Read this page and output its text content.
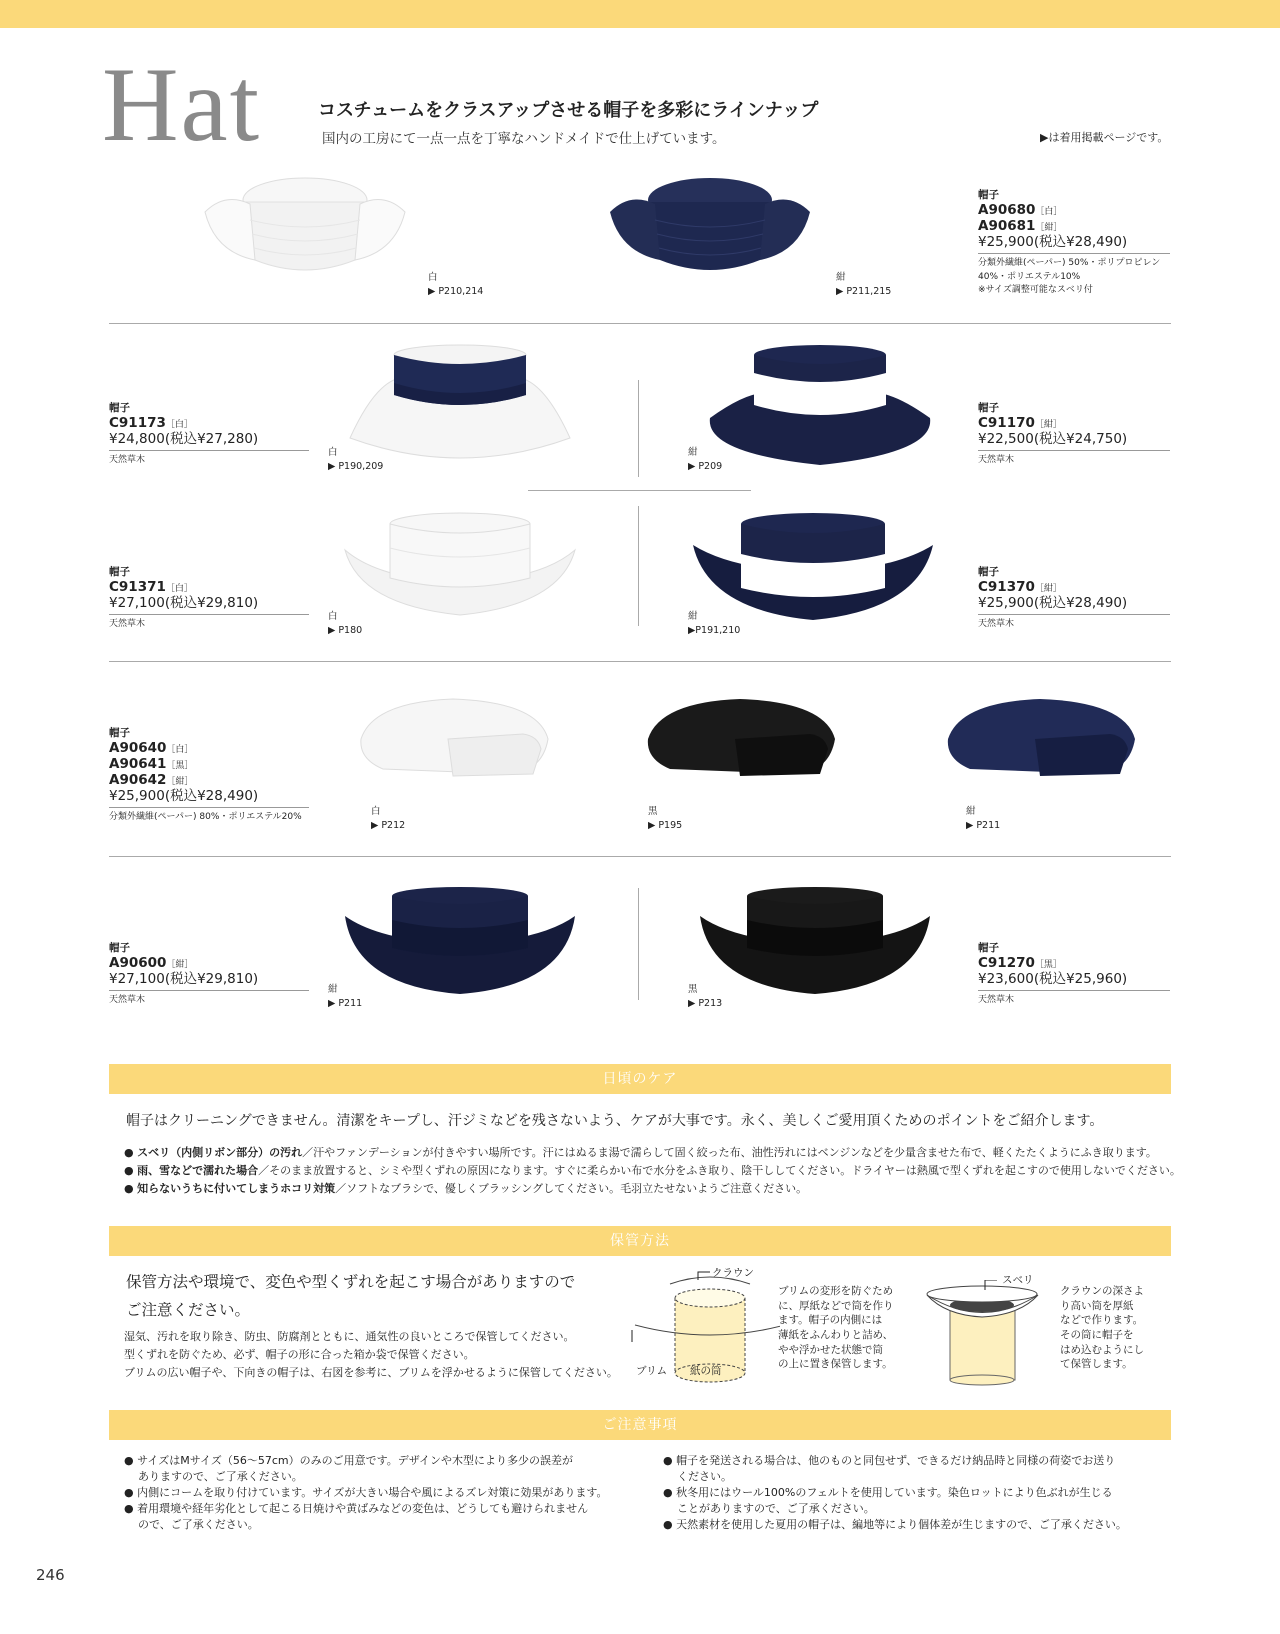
Hat	コスチュームをクラスアップさせる帽子を多彩にラインナップ
国内の工房にて一点一点を丁寧なハンドメイドで仕上げています。	▶は着用掲載ページです。
白
▶ P210,214
紺
▶ P211,215
帽子
A90680［白］
A90681［紺］
¥25,900(税込¥28,490)
分類外繊維(ペーパー) 50%・ポリプロピレン
40%・ポリエステル10%
※サイズ調整可能なスベリ付
帽子
C91173［白］
¥24,800(税込¥27,280)
天然草木
白
▶ P190,209
紺
▶ P209
帽子
C91170［紺］
¥22,500(税込¥24,750)
天然草木
帽子
C91371［白］
¥27,100(税込¥29,810)
天然草木
白
▶ P180
紺
▶P191,210
帽子
C91370［紺］
¥25,900(税込¥28,490)
天然草木
帽子
A90640［白］
A90641［黒］
A90642［紺］
¥25,900(税込¥28,490)
分類外繊維(ペーパー) 80%・ポリエステル20%
白
▶ P212
黒
▶ P195
紺
▶ P211
帽子
A90600［紺］
¥27,100(税込¥29,810)
天然草木
紺
▶ P211
黒
▶ P213
帽子
C91270［黒］
¥23,600(税込¥25,960)
天然草木
日頃のケア
帽子はクリーニングできません。清潔をキープし、汗ジミなどを残さないよう、ケアが大事です。永く、美しくご愛用頂くためのポイントをご紹介します。
● スベリ（内側リボン部分）の汚れ／汗やファンデーションが付きやすい場所です。汗にはぬるま湯で濡らして固く絞った布、油性汚れにはベンジンなどを少量含ませた布で、軽くたたくようにふき取ります。
● 雨、雪などで濡れた場合／そのまま放置すると、シミや型くずれの原因になります。すぐに柔らかい布で水分をふき取り、陰干ししてください。ドライヤーは熱風で型くずれを起こすので使用しないでください。
● 知らないうちに付いてしまうホコリ対策／ソフトなブラシで、優しくブラッシングしてください。毛羽立たせないようご注意ください。
保管方法
保管方法や環境で、変色や型くずれを起こす場合がありますので
ご注意ください。
湿気、汚れを取り除き、防虫、防腐剤とともに、通気性の良いところで保管してください。
型くずれを防ぐため、必ず、帽子の形に合った箱か袋で保管ください。
ブリムの広い帽子や、下向きの帽子は、右図を参考に、ブリムを浮かせるように保管してください。
クラウン
ブリム 紙の筒
ブリムの変形を防ぐため
に、厚紙などで筒を作り
ます。帽子の内側には
薄紙をふんわりと詰め、
やや浮かせた状態で筒
の上に置き保管します。
スベリ
クラウンの深さよ
り高い筒を厚紙
などで作ります。
その筒に帽子を
はめ込むようにし
て保管します。
ご注意事項
● サイズはMサイズ（56〜57cm）のみのご用意です。デザインや木型により多少の誤差が
ありますので、ご了承ください。
● 内側にコームを取り付けています。サイズが大きい場合や風によるズレ対策に効果があります。
● 着用環境や経年劣化として起こる日焼けや黄ばみなどの変色は、どうしても避けられません
ので、ご了承ください。
● 帽子を発送される場合は、他のものと同包せず、できるだけ納品時と同様の荷姿でお送り
ください。
● 秋冬用にはウール100%のフェルトを使用しています。染色ロットにより色ぶれが生じる
ことがありますので、ご了承ください。
● 天然素材を使用した夏用の帽子は、編地等により個体差が生じますので、ご了承ください。
246
